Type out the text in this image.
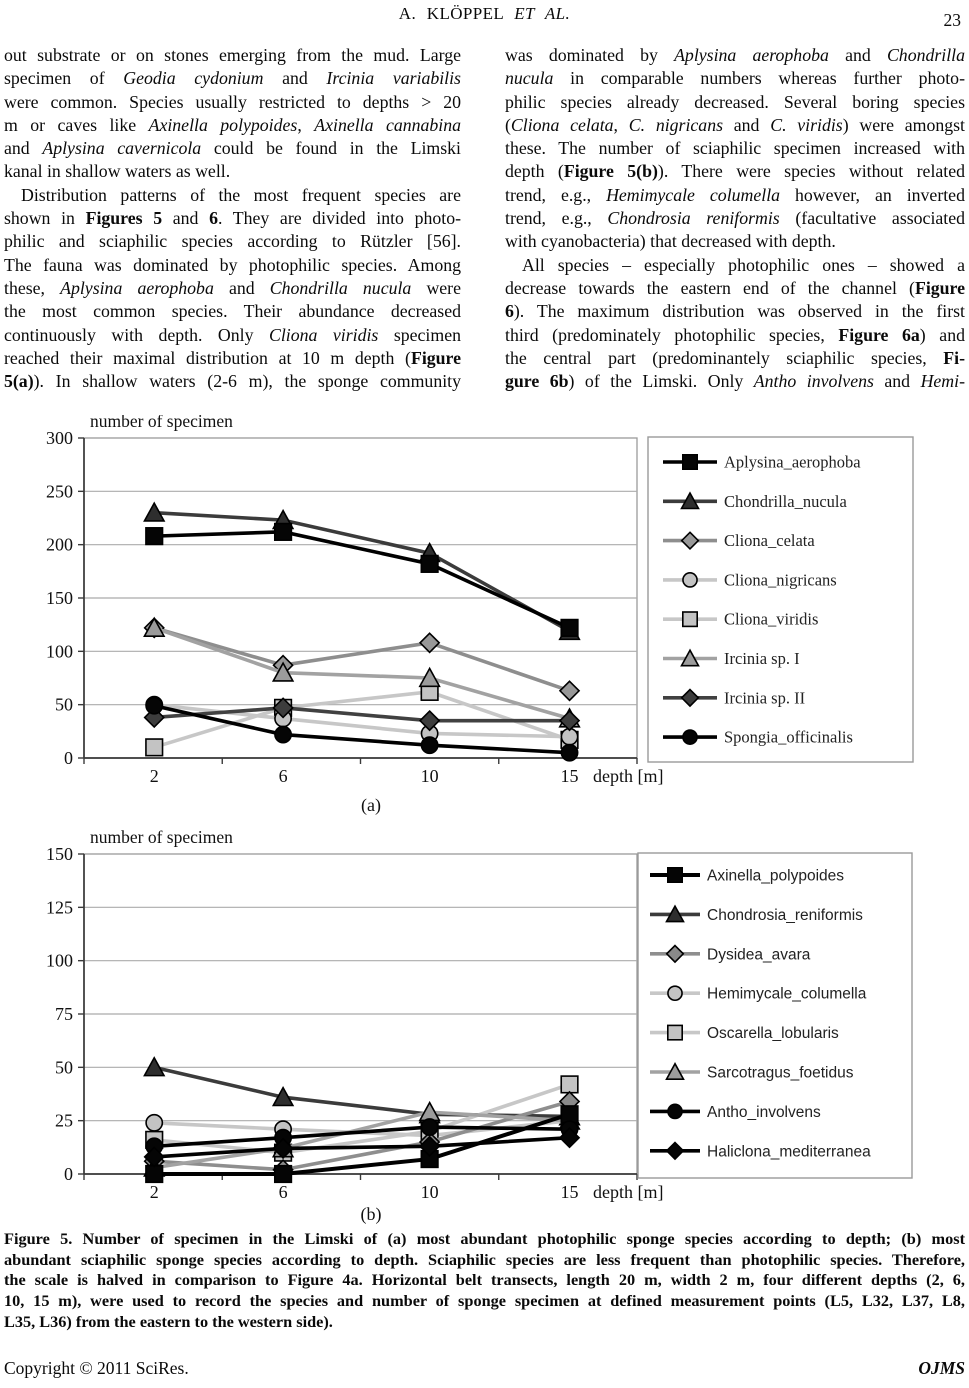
A. KLÖPPEL ET AL.	23
out substrate or on stones emerging from the mud. Large
specimen of Geodia cydonium and Ircinia variabilis
were common. Species usually restricted to depths > 20
m or caves like Axinella polypoides, Axinella cannabina
and Aplysina cavernicola could be found in the Limski
kanal in shallow waters as well.
Distribution patterns of the most frequent species are
shown in Figures 5 and 6. They are divided into photo-
philic and sciaphilic species according to Rützler [56].
The fauna was dominated by photophilic species. Among
these, Aplysina aerophoba and Chondrilla nucula were
the most common species. Their abundance decreased
continuously with depth. Only Cliona viridis specimen
reached their maximal distribution at 10 m depth (Figure
5(a)). In shallow waters (2-6 m), the sponge community
was dominated by Aplysina aerophoba and Chondrilla
nucula in comparable numbers whereas further photo-
philic species already decreased. Several boring species
(Cliona celata, C. nigricans and C. viridis) were amongst
these. The number of sciaphilic specimen increased with
depth (Figure 5(b)). There were species without related
trend, e.g., Hemimycale columella however, an inverted
trend, e.g., Chondrosia reniformis (facultative associated
with cyanobacteria) that decreased with depth.
All species – especially photophilic ones – showed a
decrease towards the eastern end of the channel (Figure
6). The maximum distribution was observed in the first
third (predominately photophilic species, Figure 6a) and
the central part (predominantely sciaphilic species, Fi-
gure 6b) of the Limski. Only Antho involvens and Hemi-
0
50
100
150
200
250
300
2	6	10	15 depth [m]
number of specimen
Aplysina_aerophoba
Chondrilla_nucula
Cliona_celata
Cliona_nigricans
Cliona_viridis
Ircinia sp. I
Ircinia sp. II
Spongia_officinalis
(a)
0
25
50
75
100
125
150
2	6	10	15 depth [m]
number of specimen
Axinella_polypoides
Chondrosia_reniformis
Dysidea_avara
Hemimycale_columella
Oscarella_lobularis
Sarcotragus_foetidus
Antho_involvens
Haliclona_mediterranea
(b)
Figure 5. Number of specimen in the Limski of (a) most abundant photophilic sponge species according to depth; (b) most
abundant sciaphilic sponge species according to depth. Sciaphilic species are less frequent than photophilic species. Therefore,
the scale is halved in comparison to Figure 4a. Horizontal belt transects, length 20 m, width 2 m, four different depths (2, 6,
10, 15 m), were used to record the species and number of sponge specimen at defined measurement points (L5, L32, L37, L8,
L35, L36) from the eastern to the western side).
Copyright © 2011 SciRes.	OJMS
